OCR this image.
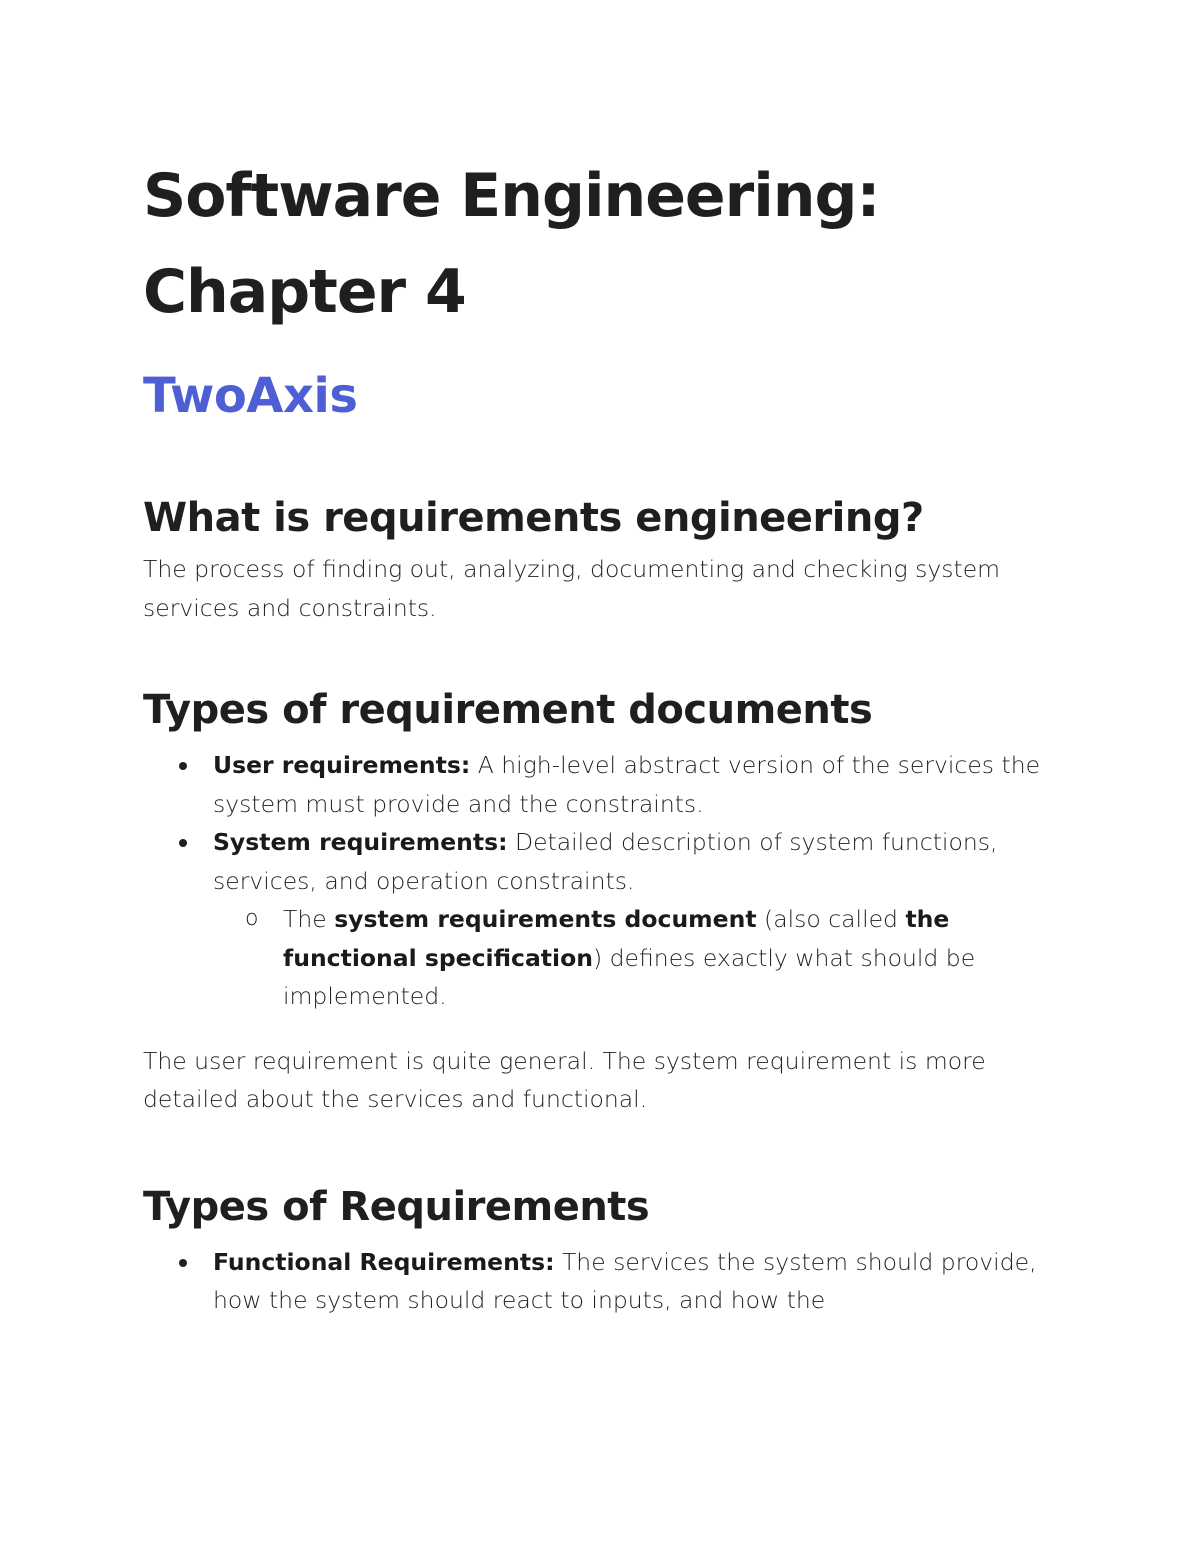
Software Engineering:
Chapter 4
TwoAxis
What is requirements engineering?

The process of finding out, analyzing, documenting and checking system services and constraints.

Types of requirement documents
User requirements: A high-level abstract version of the services the system must provide and the constraints.
System requirements: Detailed description of system functions, services, and operation constraints.
o The system requirements document (also called the functional specification) defines exactly what should be implemented.

The user requirement is quite general. The system requirement is more detailed about the services and functional.

Types of Requirements
Functional Requirements: The services the system should provide, how the system should react to inputs, and how the
